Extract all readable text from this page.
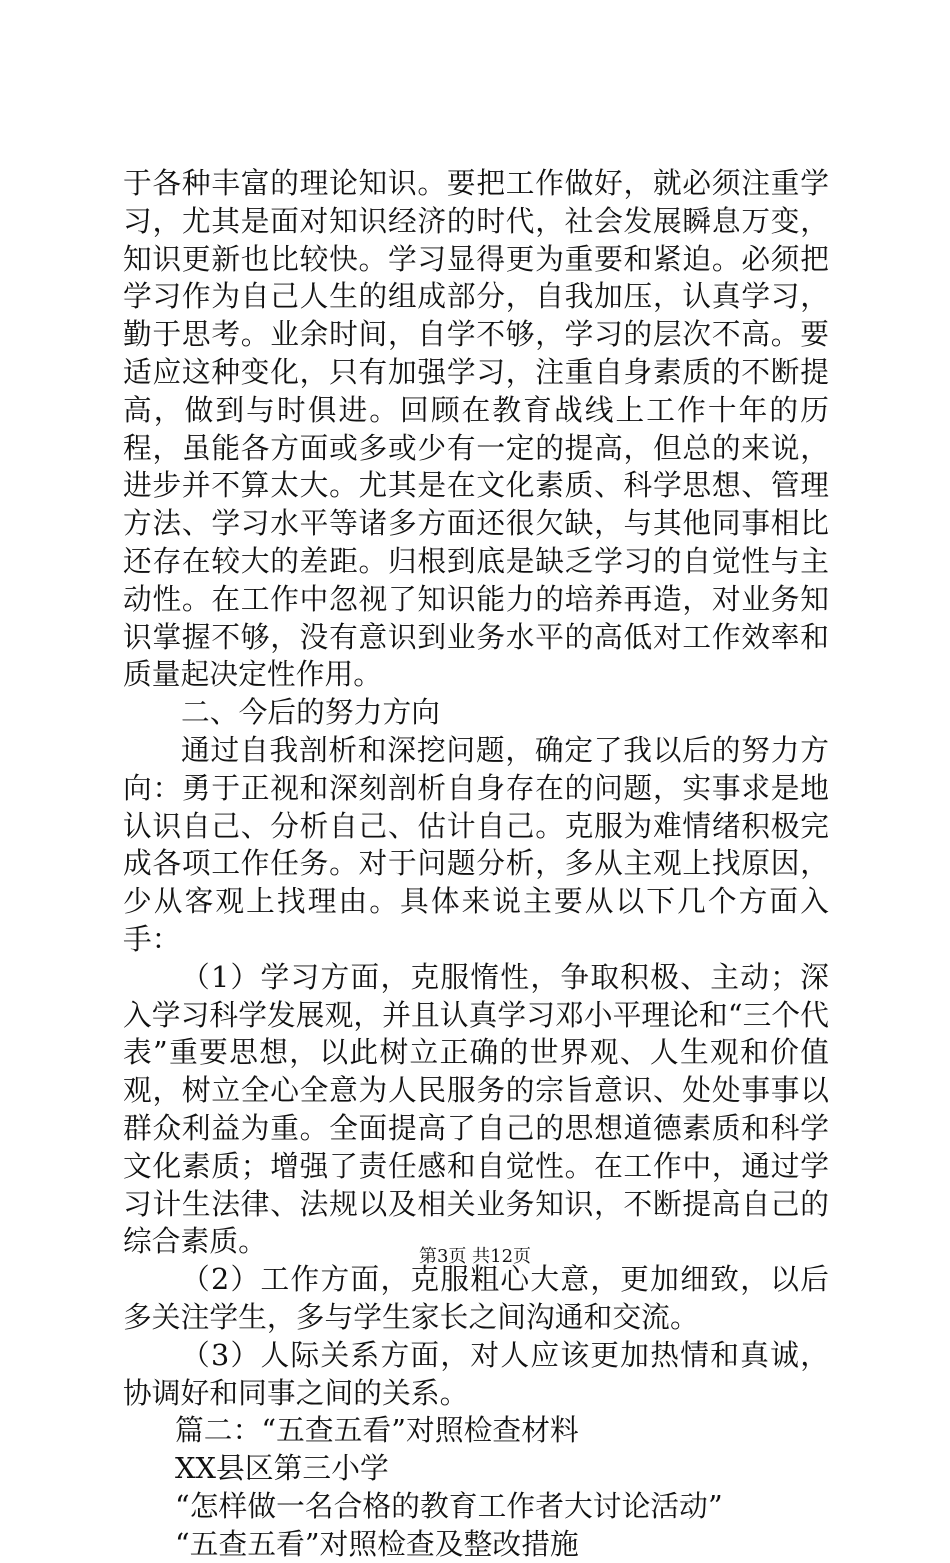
于各种丰富的理论知识。要把工作做好，就必须注重学习，尤其是面对知识经济的时代，社会发展瞬息万变，知识更新也比较快。学习显得更为重要和紧迫。必须把学习作为自己人生的组成部分，自我加压，认真学习，勤于思考。业余时间，自学不够，学习的层次不高。要适应这种变化，只有加强学习，注重自身素质的不断提高，做到与时俱进。回顾在教育战线上工作十年的历程，虽能各方面或多或少有一定的提高，但总的来说，进步并不算太大。尤其是在文化素质、科学思想、管理方法、学习水平等诸多方面还很欠缺，与其他同事相比还存在较大的差距。归根到底是缺乏学习的自觉性与主动性。在工作中忽视了知识能力的培养再造，对业务知识掌握不够，没有意识到业务水平的高低对工作效率和质量起决定性作用。

二、今后的努力方向

通过自我剖析和深挖问题，确定了我以后的努力方向：勇于正视和深刻剖析自身存在的问题，实事求是地认识自己、分析自己、估计自己。克服为难情绪积极完成各项工作任务。对于问题分析，多从主观上找原因，少从客观上找理由。具体来说主要从以下几个方面入手：

（1）学习方面，克服惰性，争取积极、主动；深入学习科学发展观，并且认真学习邓小平理论和“三个代表”重要思想，以此树立正确的世界观、人生观和价值观，树立全心全意为人民服务的宗旨意识、处处事事以群众利益为重。全面提高了自己的思想道德素质和科学文化素质；增强了责任感和自觉性。在工作中，通过学习计生法律、法规以及相关业务知识，不断提高自己的综合素质。

（2）工作方面，克服粗心大意，更加细致，以后多关注学生，多与学生家长之间沟通和交流。

（3）人际关系方面，对人应该更加热情和真诚，协调好和同事之间的关系。

篇二：“五查五看”对照检查材料

XX县区第三小学

“怎样做一名合格的教育工作者大讨论活动”

“五查五看”对照检查及整改措施

第3页 共12页
